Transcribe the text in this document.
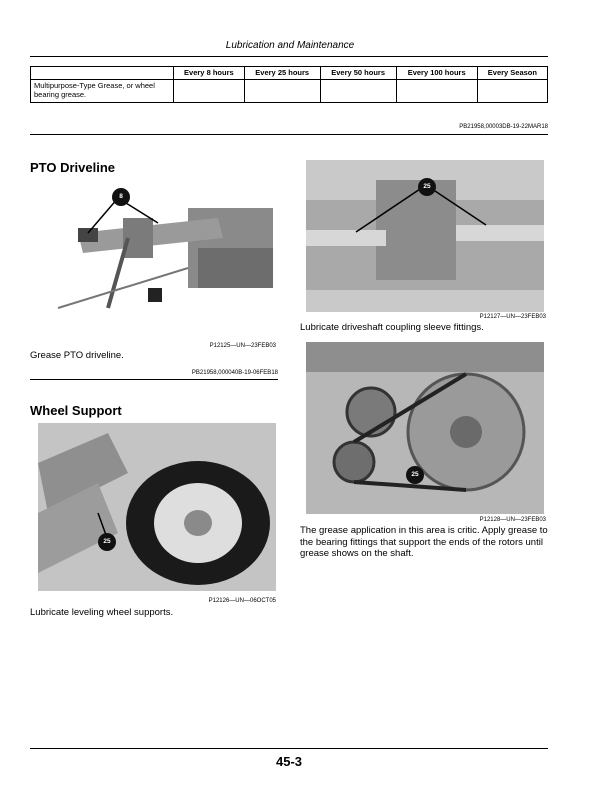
Lubrication and Maintenance
	Every 8 hours	Every 25 hours	Every 50 hours	Every 100 hours	Every Season
Multipurpose-Type Grease, or wheel bearing grease.					
PB21958,00003DB-19-22MAR18
PTO Driveline
8
P12125—UN—23FEB03
Grease PTO driveline.
PB21958,000040B-19-06FEB18
Wheel Support
25
P12126—UN—06OCT05
Lubricate leveling wheel supports.
25
P12127—UN—23FEB03
Lubricate driveshaft coupling sleeve fittings.
25
P12128—UN—23FEB03
The grease application in this area is critic. Apply grease to the bearing fittings that support the ends of the rotors until grease shows on the shaft.
45-3
